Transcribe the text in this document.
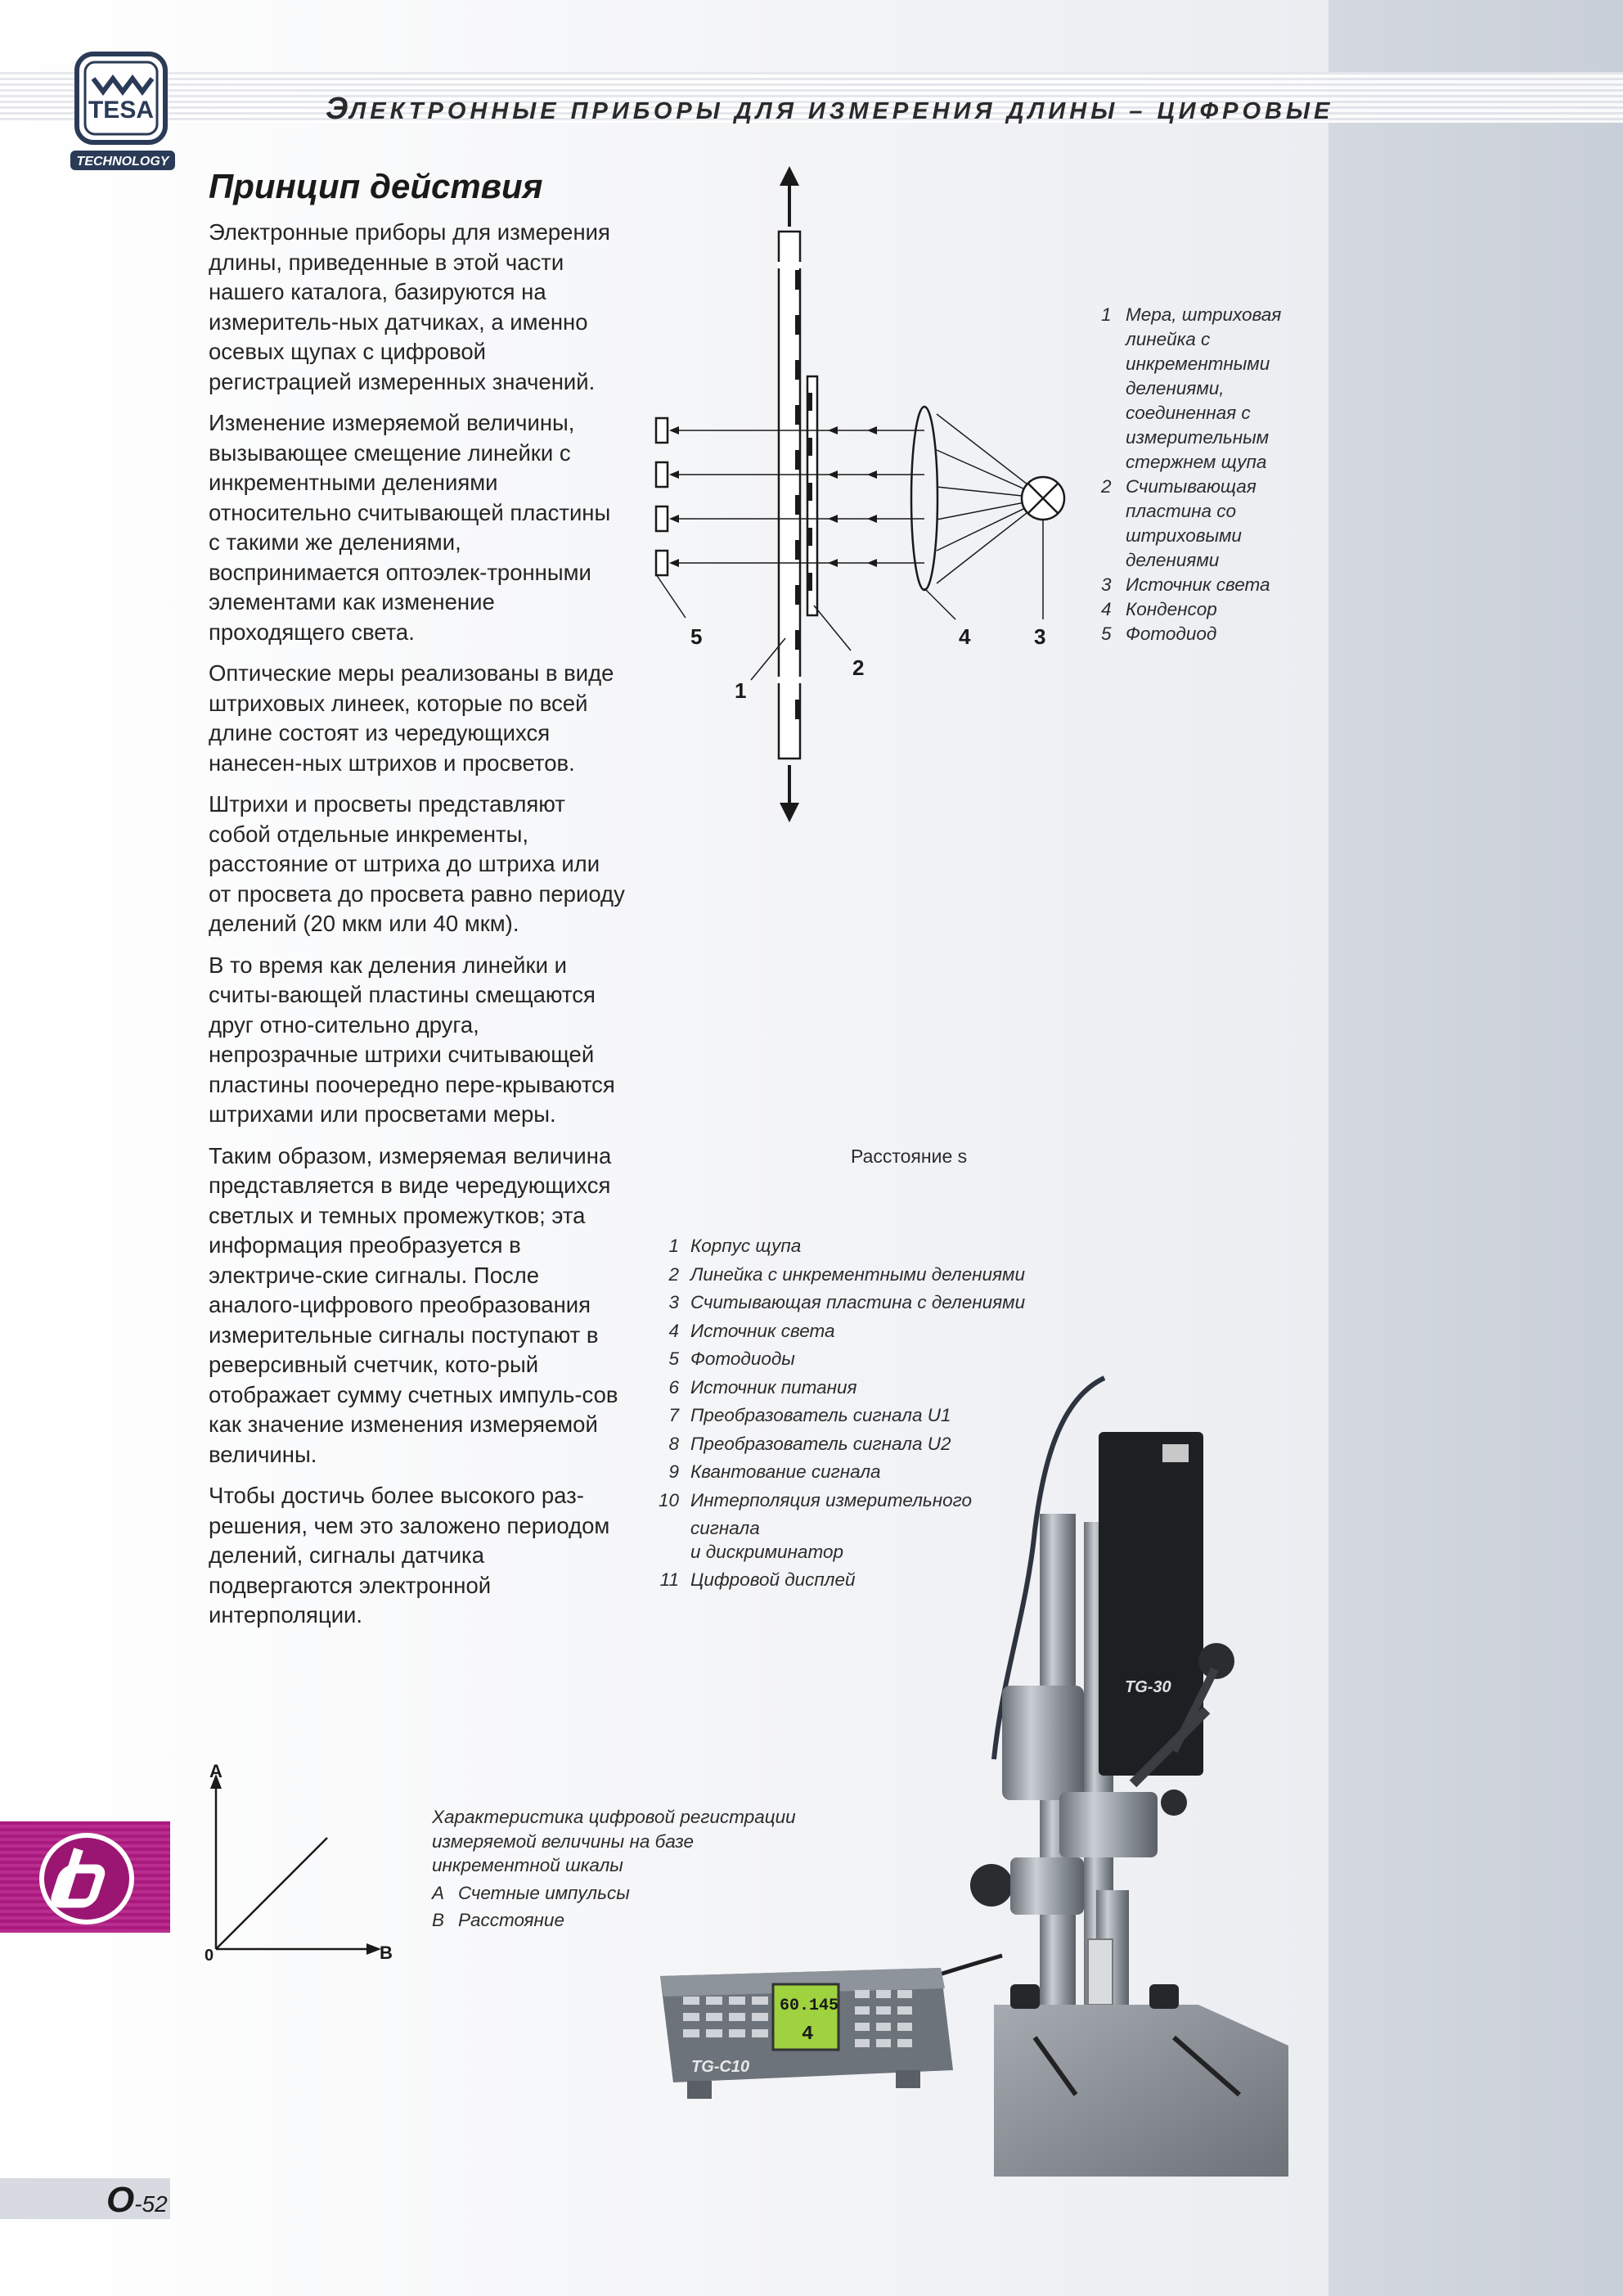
TESA
TECHNOLOGY
ЭЛЕКТРОННЫЕ ПРИБОРЫ ДЛЯ ИЗМЕРЕНИЯ ДЛИНЫ – ЦИФРОВЫЕ
Принцип действия

Электронные приборы для измерения длины, приведенные в этой части нашего каталога, базируются на измеритель-ных датчиках, а именно осевых щупах с цифровой регистрацией измеренных значений.

Изменение измеряемой величины, вызывающее смещение линейки с инкрементными делениями относительно считывающей пластины с такими же делениями, воспринимается оптоэлек-тронными элементами как изменение проходящего света.

Оптические меры реализованы в виде штриховых линеек, которые по всей длине состоят из чередующихся нанесен-ных штрихов и просветов.

Штрихи и просветы представляют собой отдельные инкременты, расстояние от штриха до штриха или от просвета до просвета равно периоду делений (20 мкм или 40 мкм).

В то время как деления линейки и считы-вающей пластины смещаются друг отно-сительно друга, непрозрачные штрихи считывающей пластины поочередно пере-крываются штрихами или просветами меры.

Таким образом, измеряемая величина представляется в виде чередующихся светлых и темных промежутков; эта информация преобразуется в электриче-ские сигналы. После аналого-цифрового преобразования измерительные сигналы поступают в реверсивный счетчик, кото-рый отображает сумму счетных импуль-сов как значение изменения измеряемой величины.

Чтобы достичь более высокого раз-решения, чем это заложено периодом делений, сигналы датчика подвергаются электронной интерполяции.

5
1
2
4	3
1 Мера, штриховая линейка с инкрементными делениями, соединенная с измерительным стержнем щупа
2 Считывающая пластина со штриховыми делениями
3 Источник света
4 Конденсор
5 Фотодиод
Расстояние s
1 Корпус щупа
2 Линейка с инкрементными делениями
3 Считывающая пластина с делениями
4 Источник света
5 Фотодиоды
6 Источник питания
7 Преобразователь сигнала U1
8 Преобразователь сигнала U2
9 Квантование сигнала
10 Интерполяция измерительного сигнала
и дискриминатор
11 Цифровой дисплей
A
B
0
Характеристика цифровой регистрации измеряемой величины на базе инкрементной шкалы
A Счетные импульсы
B Расстояние
TG-30
60.145
4
TG-C10
O-52
